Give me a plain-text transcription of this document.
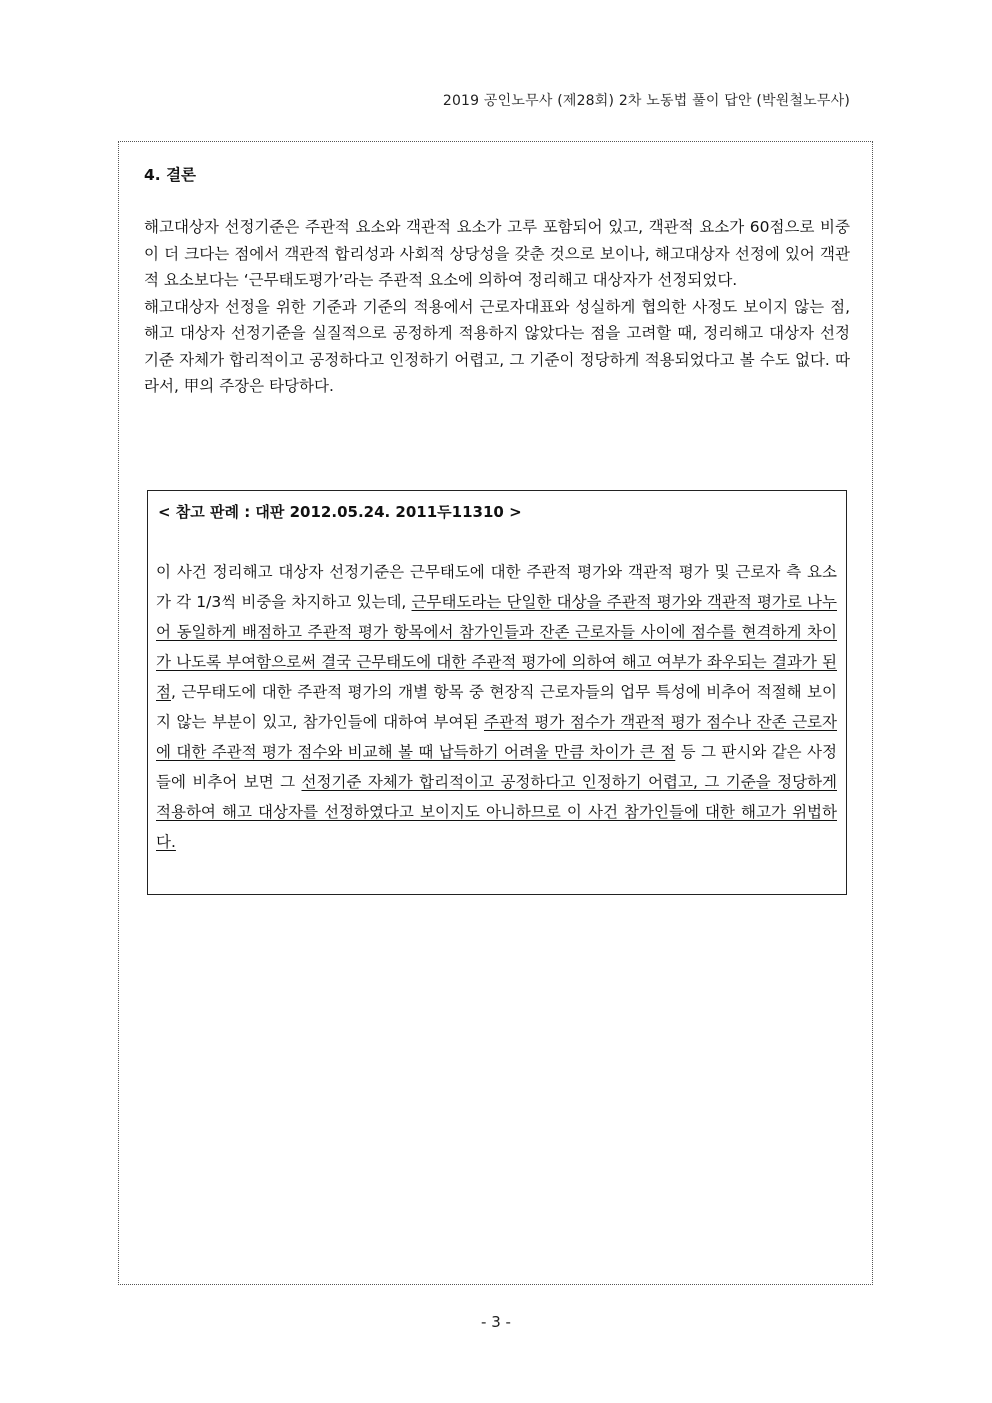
2019 공인노무사 (제28회) 2차 노동법 풀이 답안 (박원철노무사)
4. 결론

해고대상자 선정기준은 주관적 요소와 객관적 요소가 고루 포함되어 있고, 객관적 요소가 60점으로 비중이 더 크다는 점에서 객관적 합리성과 사회적 상당성을 갖춘 것으로 보이나, 해고대상자 선정에 있어 객관적 요소보다는 ‘근무태도평가’라는 주관적 요소에 의하여 정리해고 대상자가 선정되었다.

해고대상자 선정을 위한 기준과 기준의 적용에서 근로자대표와 성실하게 협의한 사정도 보이지 않는 점, 해고 대상자 선정기준을 실질적으로 공정하게 적용하지 않았다는 점을 고려할 때, 정리해고 대상자 선정기준 자체가 합리적이고 공정하다고 인정하기 어렵고, 그 기준이 정당하게 적용되었다고 볼 수도 없다. 따라서, 甲의 주장은 타당하다.

< 참고 판례 : 대판 2012.05.24. 2011두11310 >

이 사건 정리해고 대상자 선정기준은 근무태도에 대한 주관적 평가와 객관적 평가 및 근로자 측 요소가 각 1/3씩 비중을 차지하고 있는데, 근무태도라는 단일한 대상을 주관적 평가와 객관적 평가로 나누어 동일하게 배점하고 주관적 평가 항목에서 참가인들과 잔존 근로자들 사이에 점수를 현격하게 차이가 나도록 부여함으로써 결국 근무태도에 대한 주관적 평가에 의하여 해고 여부가 좌우되는 결과가 된 점, 근무태도에 대한 주관적 평가의 개별 항목 중 현장직 근로자들의 업무 특성에 비추어 적절해 보이지 않는 부분이 있고, 참가인들에 대하여 부여된 주관적 평가 점수가 객관적 평가 점수나 잔존 근로자에 대한 주관적 평가 점수와 비교해 볼 때 납득하기 어려울 만큼 차이가 큰 점 등 그 판시와 같은 사정들에 비추어 보면 그 선정기준 자체가 합리적이고 공정하다고 인정하기 어렵고, 그 기준을 정당하게 적용하여 해고 대상자를 선정하였다고 보이지도 아니하므로 이 사건 참가인들에 대한 해고가 위법하다.

- 3 -
